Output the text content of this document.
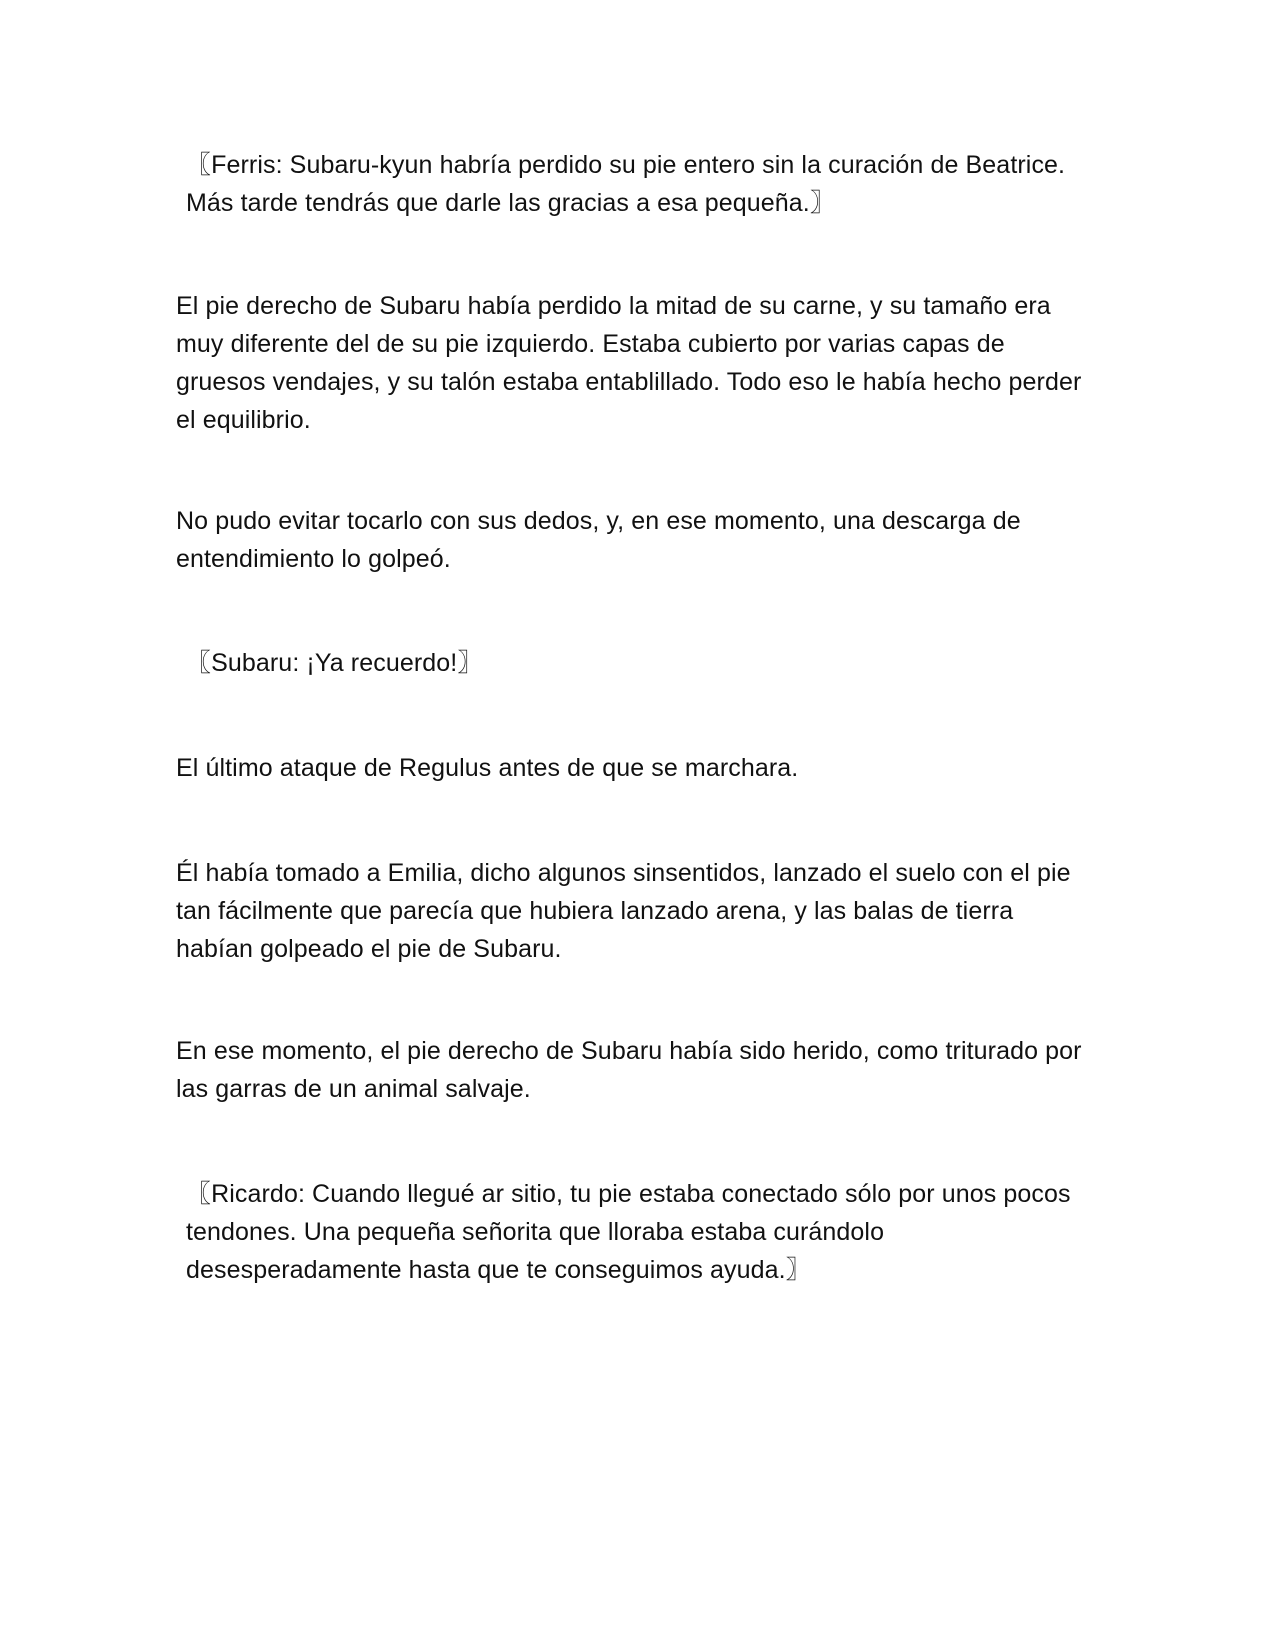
〖Ferris: Subaru-kyun habría perdido su pie entero sin la curación de Beatrice. Más tarde tendrás que darle las gracias a esa pequeña.〗

El pie derecho de Subaru había perdido la mitad de su carne, y su tamaño era muy diferente del de su pie izquierdo. Estaba cubierto por varias capas de gruesos vendajes, y su talón estaba entablillado. Todo eso le había hecho perder el equilibrio.

No pudo evitar tocarlo con sus dedos, y, en ese momento, una descarga de entendimiento lo golpeó.

〖Subaru: ¡Ya recuerdo!〗

El último ataque de Regulus antes de que se marchara.

Él había tomado a Emilia, dicho algunos sinsentidos, lanzado el suelo con el pie tan fácilmente que parecía que hubiera lanzado arena, y las balas de tierra habían golpeado el pie de Subaru.

En ese momento, el pie derecho de Subaru había sido herido, como triturado por las garras de un animal salvaje.

〖Ricardo: Cuando llegué ar sitio, tu pie estaba conectado sólo por unos pocos tendones. Una pequeña señorita que lloraba estaba curándolo desesperadamente hasta que te conseguimos ayuda.〗
